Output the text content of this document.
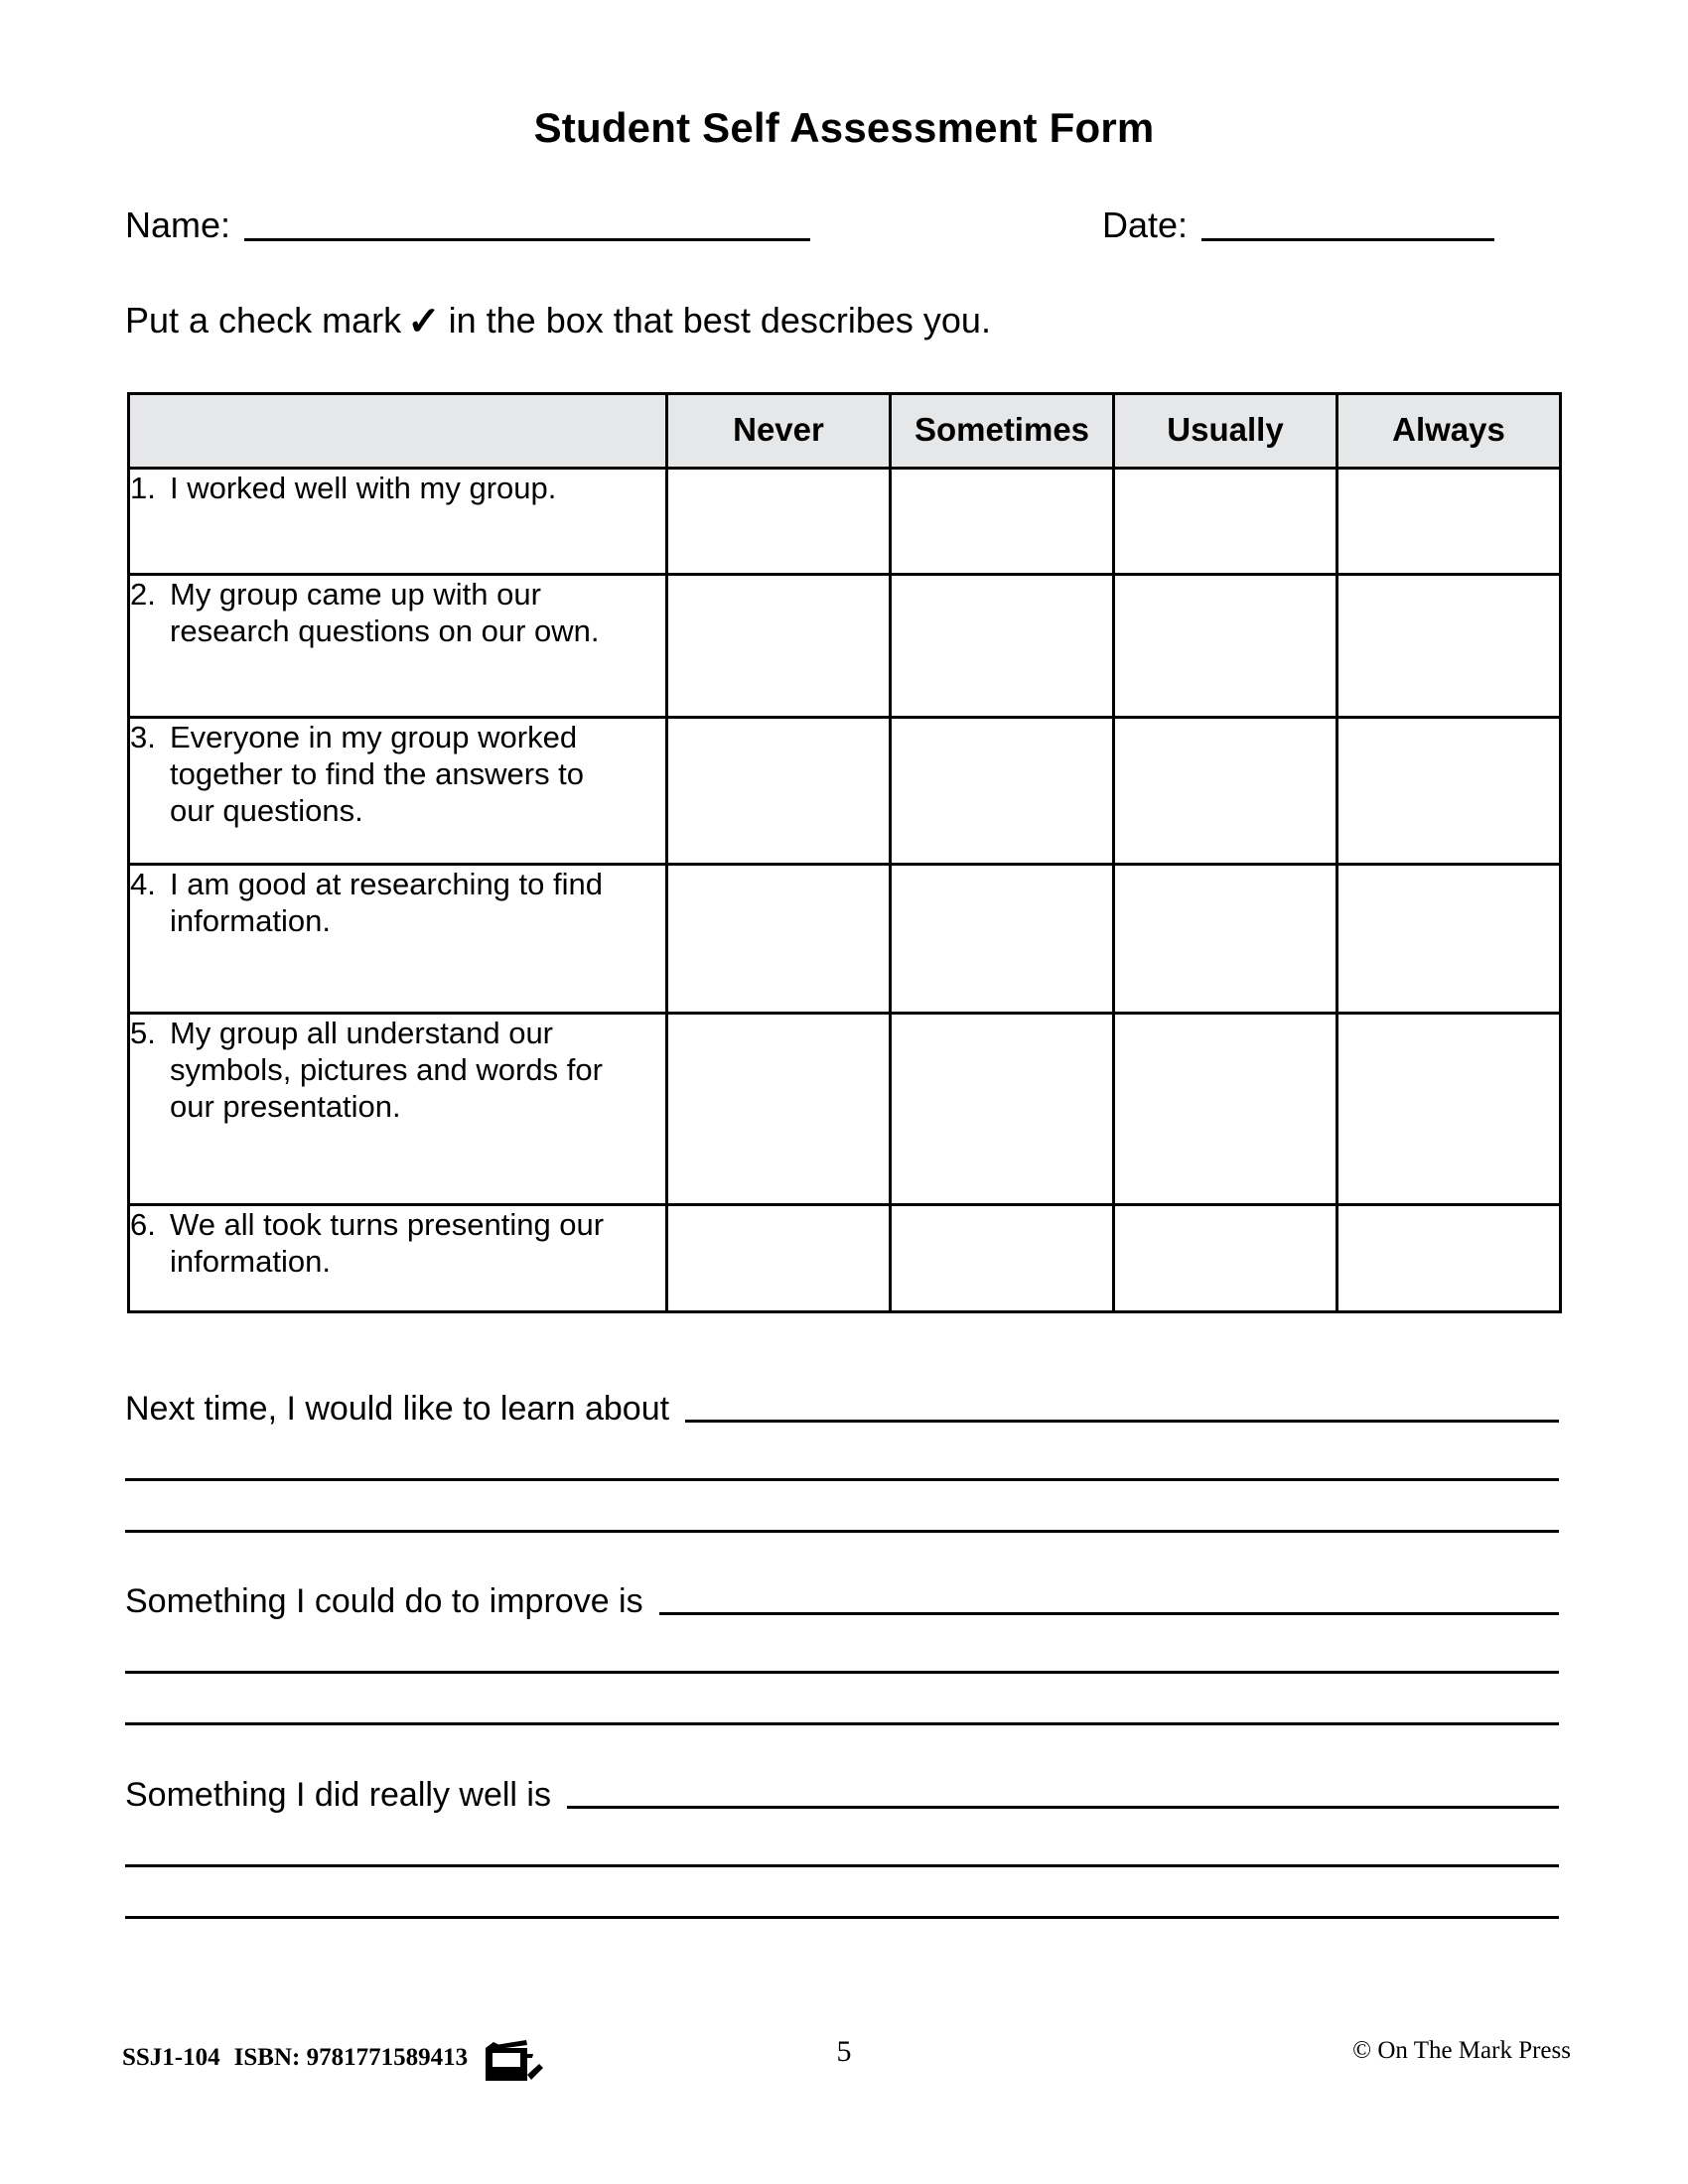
Student Self Assessment Form
Name:	Date:
Put a check mark ✓ in the box that best describes you.
	Never	Sometimes	Usually	Always
1. I worked well with my group.				
2. My group came up with our research questions on our own.				
3. Everyone in my group worked together to find the answers to our questions.				
4. I am good at researching to find information.				
5. My group all understand our symbols, pictures and words for our presentation.				
6. We all took turns presenting our information.				
Next time, I would like to learn about
Something I could do to improve is
Something I did really well is
SSJ1-104 ISBN: 9781771589413	5	© On The Mark Press
